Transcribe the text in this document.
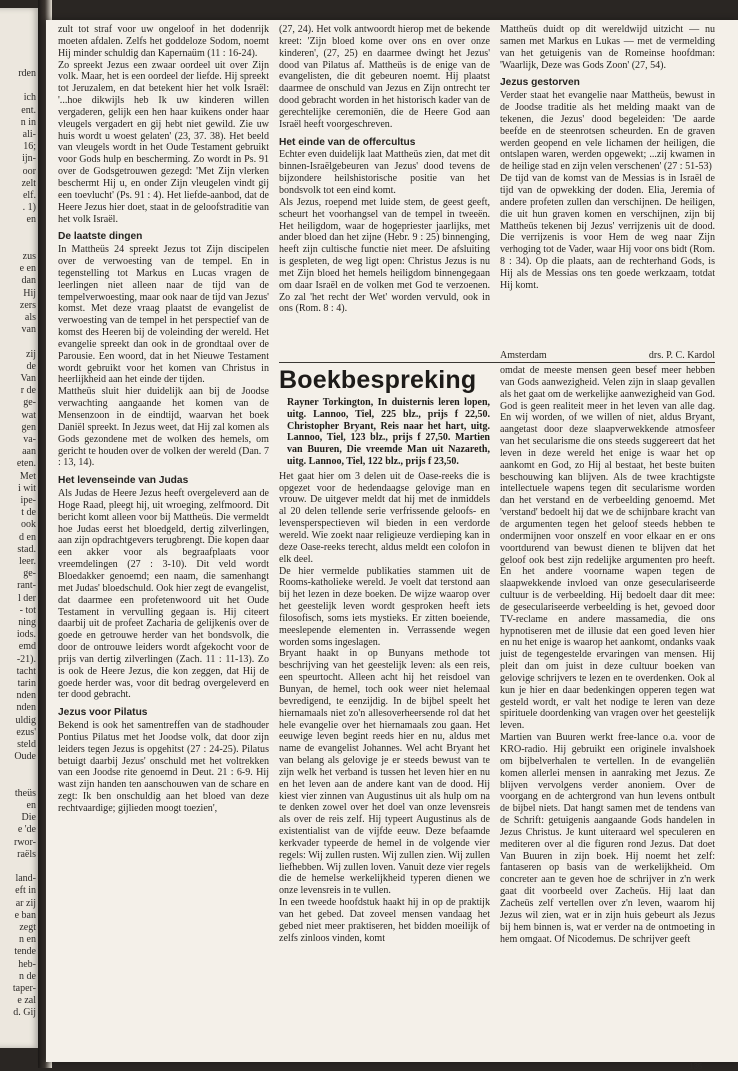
rden
ich
ent.
n in
ali-
16;
ijn-
oor
zelt
elf.
. 1)
en
zus
e en
dan
Hij
zers
als
van
zij
de
Van
r de
ge-
wat
gen
va-
aan
eten.
Met
i wit
ipe-
t de
ook
d en
stad.
leer.
ge-
rant-
l der
- tot
ning
iods.
emd
-21).
tacht
tarin
nden
nden
uldig
ezus'
steld
Oude
theüs
en
Die
e 'de
rwor-
raëls
land-
eft in
ar zij
e ban
zegt
n en
tende
heb-
n de
taper-
e zal
d. Gij

zult tot straf voor uw ongeloof in het dodenrijk moeten afdalen. Zelfs het goddeloze Sodom, noemt Hij minder schuldig dan Kapernaüm (11 : 16-24).

Zo spreekt Jezus een zwaar oordeel uit over Zijn volk. Maar, het is een oordeel der liefde. Hij spreekt tot Jeruzalem, en dat betekent hier het volk Israël: '...hoe dikwijls heb Ik uw kinderen willen vergaderen, gelijk een hen haar kuikens onder haar vleugels vergadert en gij hebt niet gewild. Zie uw huis wordt u woest gelaten' (23, 37. 38). Het beeld van vleugels wordt in het Oude Testament gebruikt voor Gods hulp en bescherming. Zo wordt in Ps. 91 over de Godsgetrouwen gezegd: 'Met Zijn vlerken beschermt Hij u, en onder Zijn vleugelen vindt gij een toevlucht' (Ps. 91 : 4). Het liefde-aanbod, dat de Heere Jezus hier doet, staat in de geloofstraditie van het volk Israël.

De laatste dingen

In Mattheüs 24 spreekt Jezus tot Zijn discipelen over de verwoesting van de tempel. En in tegenstelling tot Markus en Lucas vragen de leerlingen niet alleen naar de tijd van de tempelverwoesting, maar ook naar de tijd van Jezus' komst. Met deze vraag plaatst de evangelist de verwoesting van de tempel in het perspectief van de komst des Heeren bij de voleinding der wereld. Het evangelie spreekt dan ook in de grondtaal over de Parousie. Een woord, dat in het Nieuwe Testament wordt gebruikt voor het komen van Christus in heerlijkheid aan het einde der tijden.

Mattheüs sluit hier duidelijk aan bij de Joodse verwachting aangaande het komen van de Mensenzoon in de eindtijd, waarvan het boek Daniël spreekt. In Jezus weet, dat Hij zal komen als Gods gezondene met de wolken des hemels, om gericht te houden over de volken der wereld (Dan. 7 : 13, 14).

Het levenseinde van Judas

Als Judas de Heere Jezus heeft overgeleverd aan de Hoge Raad, pleegt hij, uit wroeging, zelfmoord. Dit bericht komt alleen voor bij Mattheüs. Die vermeldt hoe Judas eerst het bloedgeld, dertig zilverlingen, aan zijn opdrachtgevers terugbrengt. Die kopen daar een akker voor als begraafplaats voor vreemdelingen (27 : 3-10). Dit veld wordt Bloedakker genoemd; een naam, die samenhangt met Judas' bloedschuld. Ook hier zegt de evangelist, dat daarmee een profetenwoord uit het Oude Testament in vervulling gegaan is. Hij citeert daarbij uit de profeet Zacharia de gelijkenis over de goede en getrouwe herder van het bondsvolk, die door de ontrouwe leiders wordt afgekocht voor de prijs van dertig zilverlingen (Zach. 11 : 11-13). Zo is ook de Heere Jezus, die kon zeggen, dat Hij de goede herder was, voor dit bedrag overgeleverd en ter dood gebracht.

Jezus voor Pilatus

Bekend is ook het samentreffen van de stadhouder Pontius Pilatus met het Joodse volk, dat door zijn leiders tegen Jezus is opgehitst (27 : 24-25). Pilatus betuigt daarbij Jezus' onschuld met het voltrekken van een Joodse rite genoemd in Deut. 21 : 6-9. Hij wast zijn handen ten aanschouwen van de schare en zegt: Ik ben onschuldig aan het bloed van deze rechtvaardige; gijlieden moogt toezien',

(27, 24). Het volk antwoordt hierop met de bekende kreet: 'Zijn bloed kome over ons en over onze kinderen', (27, 25) en daarmee dwingt het Jezus' dood van Pilatus af. Mattheüs is de enige van de evangelisten, die dit gebeuren noemt. Hij plaatst daarmee de onschuld van Jezus en Zijn ontrecht ter dood gebracht worden in het historisch kader van de gerechtelijke ceremoniën, die de Heere God aan Israël heeft voorgeschreven.

Het einde van de offercultus

Echter even duidelijk laat Mattheüs zien, dat met dit binnen-Israëlgebeuren van Jezus' dood tevens de bijzondere heilshistorische positie van het bondsvolk tot een eind komt.

Als Jezus, roepend met luide stem, de geest geeft, scheurt het voorhangsel van de tempel in tweeën. Het heiligdom, waar de hogepriester jaarlijks, met ander bloed dan het zijne (Hebr. 9 : 25) binnenging, heeft zijn cultische functie niet meer. De afsluiting is gespleten, de weg ligt open: Christus Jezus is nu met Zijn bloed het hemels heiligdom binnengegaan om daar Israël en de volken met God te verzoenen. Zo zal 'het recht der Wet' worden vervuld, ook in ons (Rom. 8 : 4).

Mattheüs duidt op dit wereldwijd uitzicht — nu samen met Markus en Lukas — met de vermelding van het getuigenis van de Romeinse hoofdman: 'Waarlijk, Deze was Gods Zoon' (27, 54).

Jezus gestorven

Verder staat het evangelie naar Mattheüs, bewust in de Joodse traditie als het melding maakt van de tekenen, die Jezus' dood begeleiden: 'De aarde beefde en de steenrotsen scheurden. En de graven werden geopend en vele lichamen der heiligen, die ontslapen waren, werden opgewekt; ...zij kwamen in de heilige stad en zijn velen verschenen' (27 : 51-53)

De tijd van de komst van de Messias is in Israël de tijd van de opwekking der doden. Elia, Jeremia of andere profeten zullen dan verschijnen. De heiligen, die uit hun graven komen en verschijnen, zijn bij Mattheüs tekenen bij Jezus' verrijzenis uit de dood. Die verrijzenis is voor Hem de weg naar Zijn verhoging tot de Vader, waar Hij voor ons bidt (Rom. 8 : 34). Op die plaats, aan de rechterhand Gods, is Hij als de Messias ons ten goede werkzaam, totdat Hij komt.

Amsterdam	drs. P. C. Kardol
Boekbespreking
Rayner Torkington, In duisternis leren lopen, uitg. Lannoo, Tiel, 225 blz., prijs f 22,50. Christopher Bryant, Reis naar het hart, uitg. Lannoo, Tiel, 123 blz., prijs f 27,50. Martien van Buuren, Die vreemde Man uit Nazareth, uitg. Lannoo, Tiel, 122 blz., prijs f 23,50.

Het gaat hier om 3 delen uit de Oase-reeks die is opgezet voor de hedendaagse gelovige man en vrouw. De uitgever meldt dat hij met de inmiddels al 20 delen tellende serie verfrissende geloofs- en levensperspectieven wil bieden in een verdorde wereld. Wie zoekt naar religieuze verdieping kan in deze Oase-reeks terecht, aldus meldt een colofon in elk deel.

De hier vermelde publikaties stammen uit de Rooms-katholieke wereld. Je voelt dat terstond aan bij het lezen in deze boeken. De wijze waarop over het geestelijk leven wordt gesproken heeft iets filosofisch, soms iets mystieks. Er zitten boeiende, meeslepende elementen in. Verrassende wegen worden soms ingeslagen.

Bryant haakt in op Bunyans methode tot beschrijving van het geestelijk leven: als een reis, een speurtocht. Alleen acht hij het reisdoel van Bunyan, de hemel, toch ook weer niet helemaal bevredigend, te eenzijdig. In de bijbel speelt het hiernamaals niet zo'n allesoverheersende rol dat het hele evangelie over het hiernamaals zou gaan. Het eeuwige leven begint reeds hier en nu, aldus met name de evangelist Johannes. Wel acht Bryant het van belang als gelovige je er steeds bewust van te zijn welk het verband is tussen het leven hier en nu en het leven aan de andere kant van de dood. Hij kiest vier zinnen van Augustinus uit als hulp om na te denken zowel over het doel van onze levensreis als over de reis zelf. Hij typeert Augustinus als de existentialist van de vijfde eeuw. Deze befaamde kerkvader typeerde de hemel in de volgende vier regels: Wij zullen rusten. Wij zullen zien. Wij zullen liefhebben. Wij zullen loven. Vanuit deze vier regels die de hemelse werkelijkheid typeren dienen we onze levensreis in te vullen.

In een tweede hoofdstuk haakt hij in op de praktijk van het gebed. Dat zoveel mensen vandaag het gebed niet meer praktiseren, het bidden moeilijk of zelfs zinloos vinden, komt

omdat de meeste mensen geen besef meer hebben van Gods aanwezigheid. Velen zijn in slaap gevallen als het gaat om de werkelijke aanwezigheid van God. God is geen realiteit meer in het leven van alle dag. En wij worden, of we willen of niet, aldus Bryant, aangetast door deze slaapverwekkende atmosfeer van het secularisme die ons steeds suggereert dat het leven in deze wereld het enige is waar het op aankomt en God, zo Hij al bestaat, het beste buiten beschouwing kan blijven. Als de twee krachtigste intellectuele wapens tegen dit secularisme worden dan het verstand en de verbeelding genoemd. Met 'verstand' bedoelt hij dat we de schijnbare kracht van de argumenten tegen het geloof steeds hebben te ondermijnen voor onszelf en voor elkaar en er ons voortdurend van bewust dienen te blijven dat het geloof ook best zijn redelijke argumenten pro heeft. En het andere voorname wapen tegen de slaapwekkende invloed van onze geseculariseerde cultuur is de verbeelding. Hij bedoelt daar dit mee: de geseculariseerde verbeelding is het, gevoed door TV-reclame en andere massamedia, die ons hypnotiseren met de illusie dat een goed leven hier en nu het enige is waarop het aankomt, ondanks vaak juist de tegengestelde ervaringen van mensen. Hij pleit dan om juist in deze cultuur boeken van gelovige schrijvers te lezen en te overdenken. Ook al kun je hier en daar bedenkingen opperen tegen wat gesteld wordt, er valt het nodige te leren van deze spirituele doordenking van vragen over het geestelijk leven.

Martien van Buuren werkt free-lance o.a. voor de KRO-radio. Hij gebruikt een originele invalshoek om bijbelverhalen te vertellen. In de evangeliën komen allerlei mensen in aanraking met Jezus. Ze blijven vervolgens verder anoniem. Over de voorgang en de achtergrond van hun levens ontbult de bijbel niets. Dat hangt samen met de tendens van de Schrift: getuigenis aangaande Gods handelen in Jezus Christus. Je kunt uiteraard wel speculeren en mediteren over al die figuren rond Jezus. Dat doet Van Buuren in zijn boek. Hij noemt het zelf: fantaseren op basis van de werkelijkheid. Om concreter aan te geven hoe de schrijver in z'n werk gaat dit voorbeeld over Zacheüs. Hij laat dan Zacheüs zelf vertellen over z'n leven, waarom hij Jezus wil zien, wat er in zijn huis gebeurt als Jezus bij hem binnen is, wat er verder na de ontmoeting in hem omgaat. Of Nicodemus. De schrijver geeft

135
